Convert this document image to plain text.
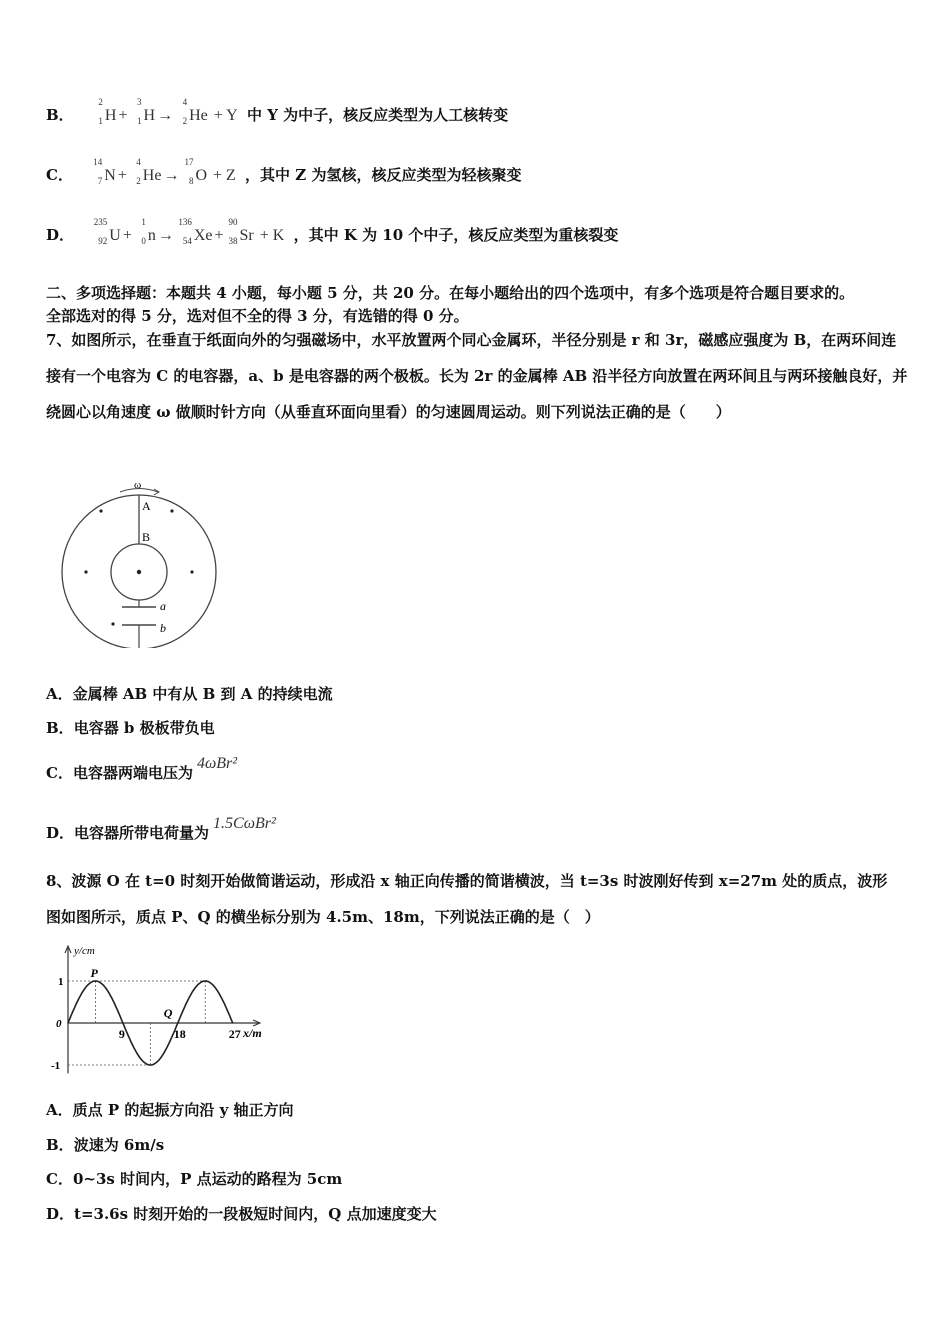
B．
2
1 H +
3
1 H →
4
2 He + Y 中 Y 为中子，核反应类型为人工核转变
C．
14
7 N +
4
2 He →
17
8 O + Z ，其中 Z 为氢核，核反应类型为轻核聚变
D．
235
92 U +
1
0 n →
136
54 Xe +
90
38 Sr + K ，其中 K 为 10 个中子，核反应类型为重核裂变
二、多项选择题：本题共 4 小题，每小题 5 分，共 20 分。在每小题给出的四个选项中，有多个选项是符合题目要求的。
全部选对的得 5 分，选对但不全的得 3 分，有选错的得 0 分。
7、如图所示，在垂直于纸面向外的匀强磁场中，水平放置两个同心金属环，半径分别是 r 和 3r，磁感应强度为 B，在两环间连接有一个电容为 C 的电容器，a、b 是电容器的两个极板。长为 2r 的金属棒 AB 沿半径方向放置在两环间且与两环接触良好，并绕圆心以角速度 ω 做顺时针方向（从垂直环面向里看）的匀速圆周运动。则下列说法正确的是（　　）
ω
A
B
a
b
A．金属棒 AB 中有从 B 到 A 的持续电流
B．电容器 b 极板带负电
C．电容器两端电压为4ωBr²
D．电容器所带电荷量为1.5CωBr²
8、波源 O 在 t=0 时刻开始做简谐运动，形成沿 x 轴正向传播的简谐横波，当 t=3s 时波刚好传到 x=27m 处的质点，波形
图如图所示，质点 P、Q 的横坐标分别为 4.5m、18m，下列说法正确的是（　）
y/cm
x/m
1
0
-1
9	18	27
P
Q
A．质点 P 的起振方向沿 y 轴正方向
B．波速为 6m/s
C．0~3s 时间内，P 点运动的路程为 5cm
D．t=3.6s 时刻开始的一段极短时间内，Q 点加速度变大
